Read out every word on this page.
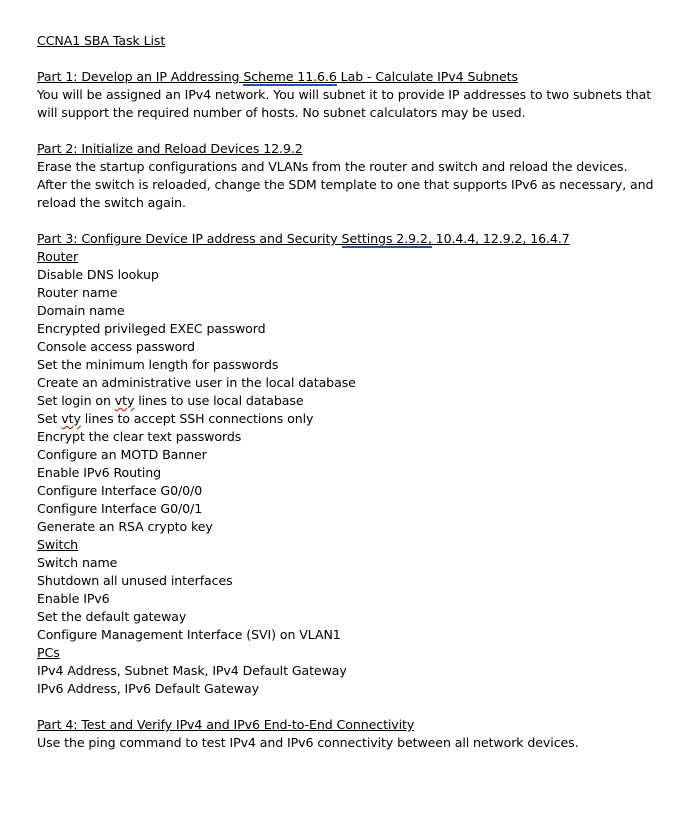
CCNA1 SBA Task List
Part 1: Develop an IP Addressing Scheme 11.6.6 Lab - Calculate IPv4 Subnets
You will be assigned an IPv4 network. You will subnet it to provide IP addresses to two subnets that will support the required number of hosts. No subnet calculators may be used.
Part 2: Initialize and Reload Devices 12.9.2
Erase the startup configurations and VLANs from the router and switch and reload the devices.
After the switch is reloaded, change the SDM template to one that supports IPv6 as necessary, and reload the switch again.
Part 3: Configure Device IP address and Security Settings 2.9.2, 10.4.4, 12.9.2, 16.4.7
Router
Disable DNS lookup
Router name
Domain name
Encrypted privileged EXEC password
Console access password
Set the minimum length for passwords
Create an administrative user in the local database
Set login on vty lines to use local database
Set vty lines to accept SSH connections only
Encrypt the clear text passwords
Configure an MOTD Banner
Enable IPv6 Routing
Configure Interface G0/0/0
Configure Interface G0/0/1
Generate an RSA crypto key
Switch
Switch name
Shutdown all unused interfaces
Enable IPv6
Set the default gateway
Configure Management Interface (SVI) on VLAN1
PCs
IPv4 Address, Subnet Mask, IPv4 Default Gateway
IPv6 Address, IPv6 Default Gateway
Part 4: Test and Verify IPv4 and IPv6 End-to-End Connectivity
Use the ping command to test IPv4 and IPv6 connectivity between all network devices.
